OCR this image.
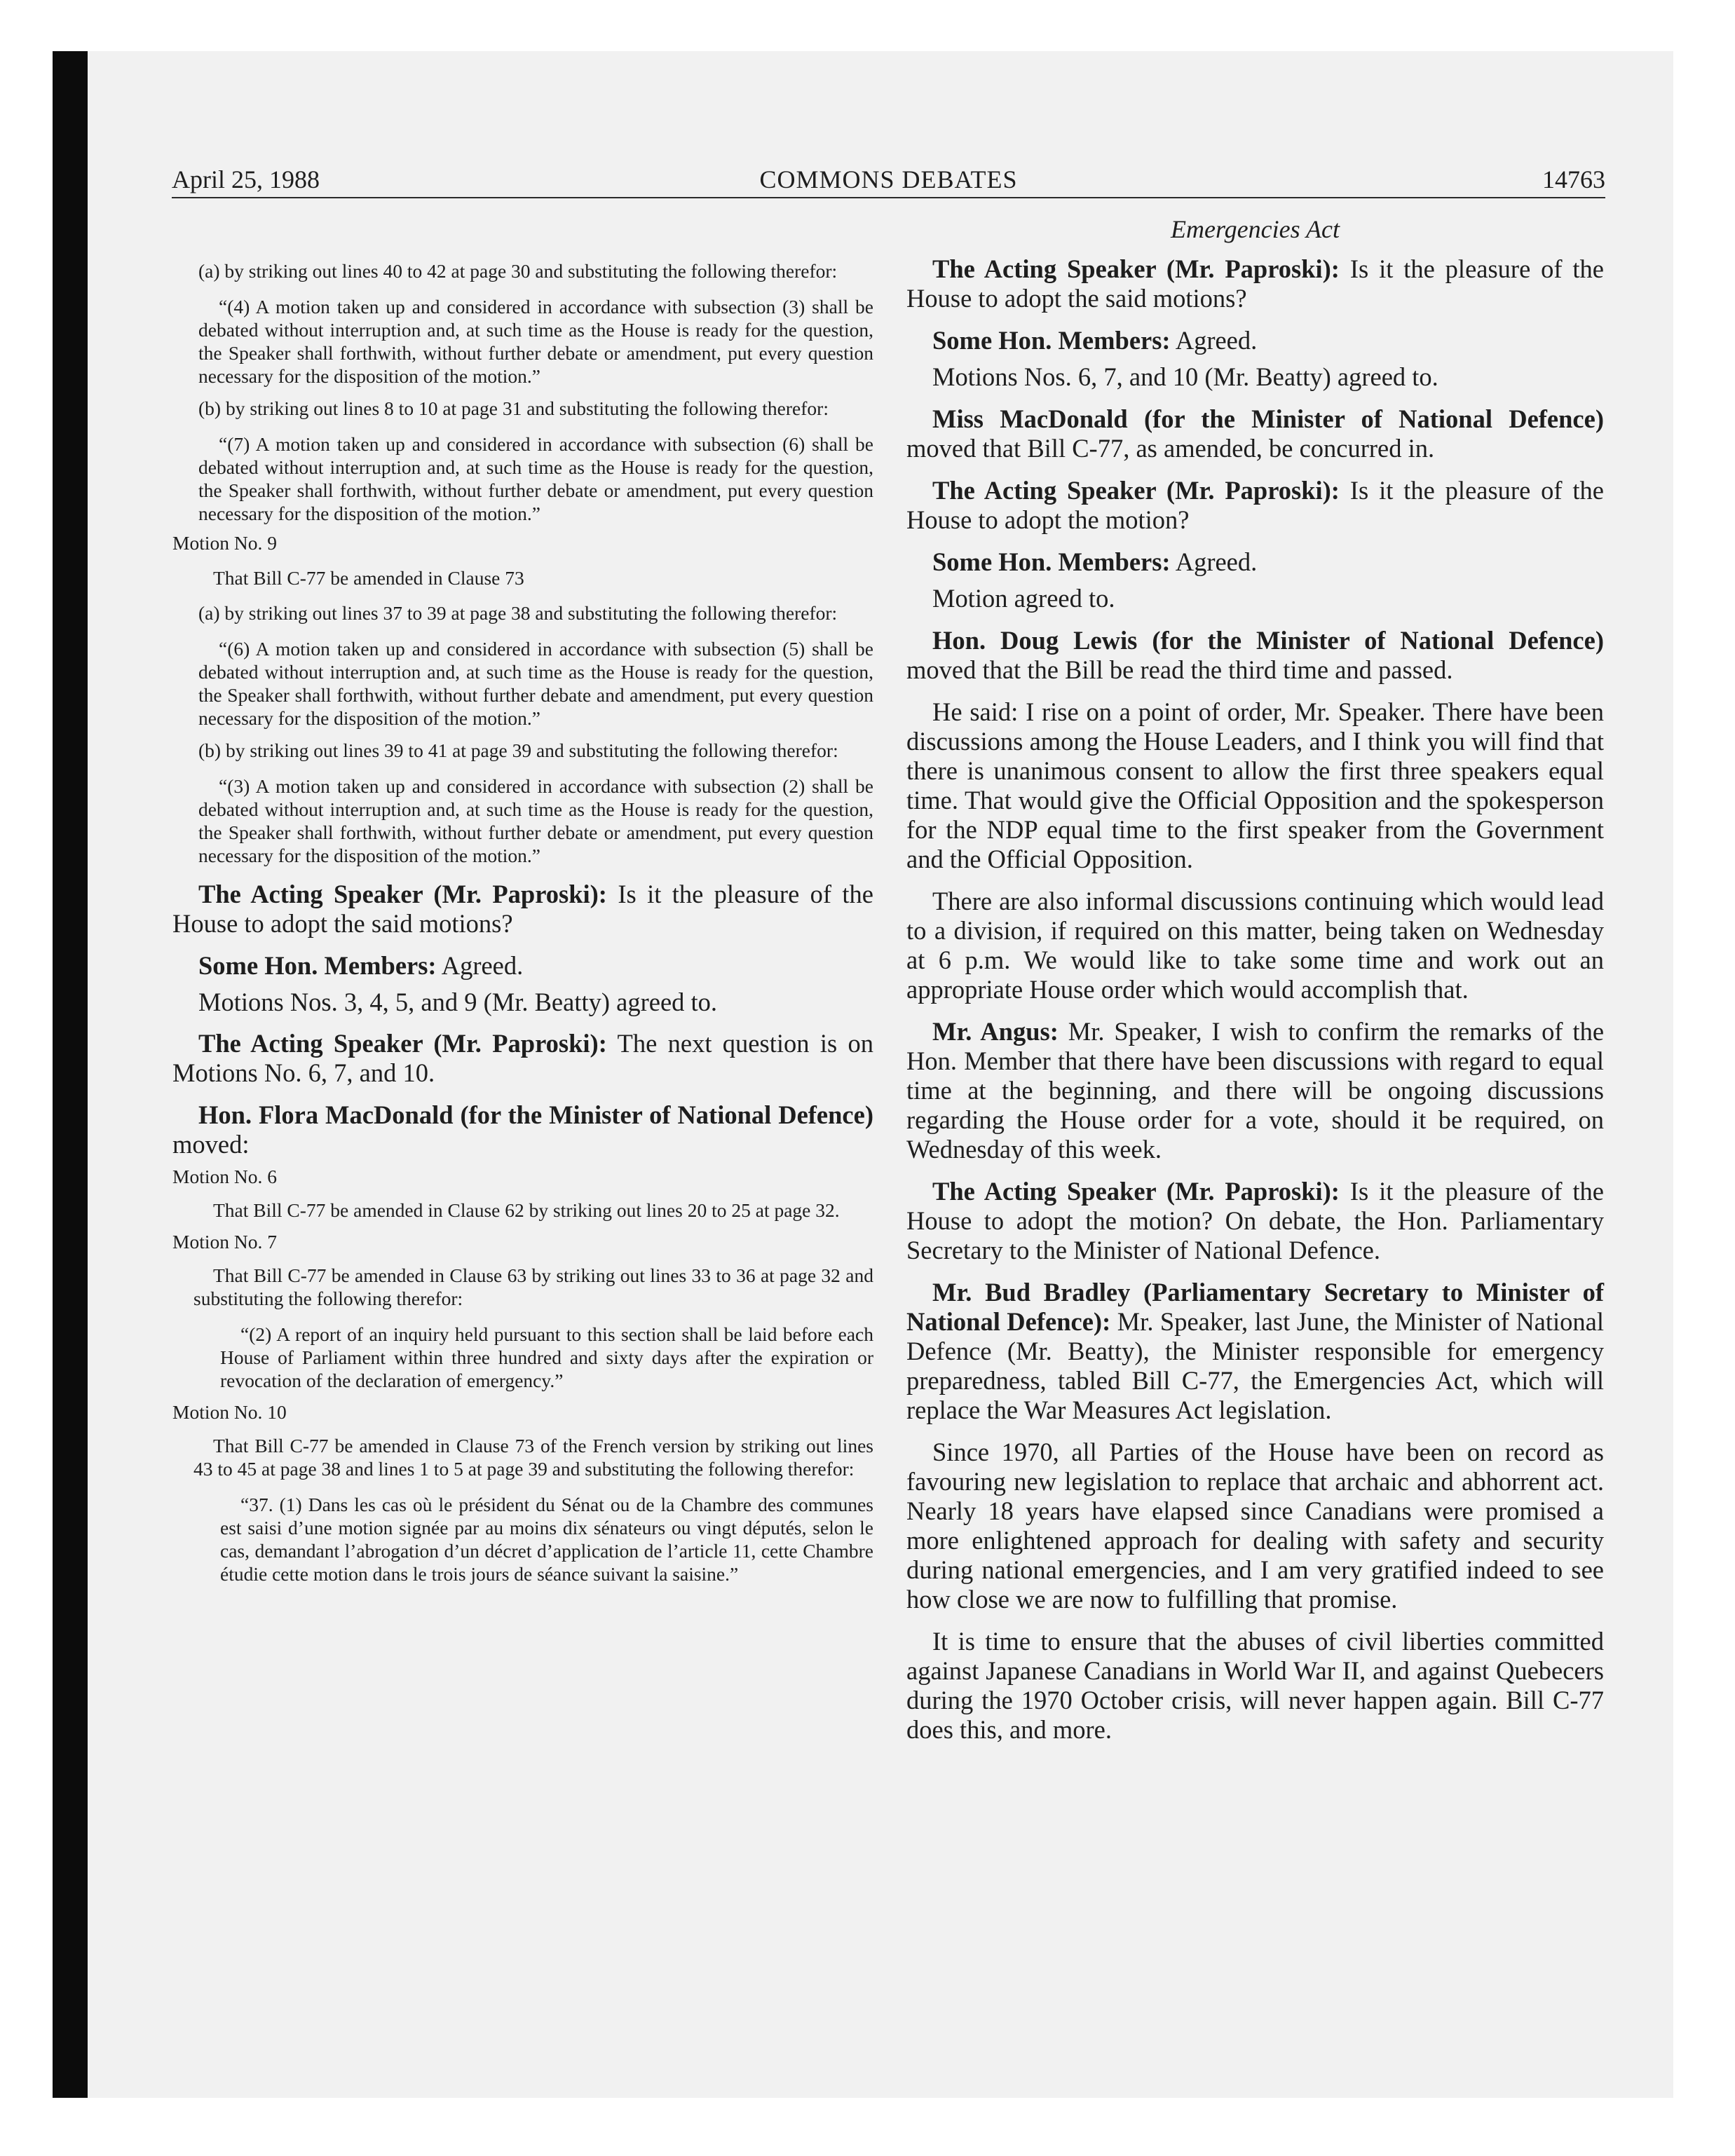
April 25, 1988	COMMONS DEBATES	14763

(a) by striking out lines 40 to 42 at page 30 and substituting the following therefor:

“(4) A motion taken up and considered in accordance with subsection (3) shall be debated without interruption and, at such time as the House is ready for the question, the Speaker shall forthwith, without further debate or amendment, put every question necessary for the disposition of the motion.”

(b) by striking out lines 8 to 10 at page 31 and substituting the following therefor:

“(7) A motion taken up and considered in accordance with subsection (6) shall be debated without interruption and, at such time as the House is ready for the question, the Speaker shall forthwith, without further debate or amendment, put every question necessary for the disposition of the motion.”

Motion No. 9

That Bill C-77 be amended in Clause 73

(a) by striking out lines 37 to 39 at page 38 and substituting the following therefor:

“(6) A motion taken up and considered in accordance with subsection (5) shall be debated without interruption and, at such time as the House is ready for the question, the Speaker shall forthwith, without further debate and amendment, put every question necessary for the disposition of the motion.”

(b) by striking out lines 39 to 41 at page 39 and substituting the following therefor:

“(3) A motion taken up and considered in accordance with subsection (2) shall be debated without interruption and, at such time as the House is ready for the question, the Speaker shall forthwith, without further debate or amendment, put every question necessary for the disposition of the motion.”

The Acting Speaker (Mr. Paproski): Is it the pleasure of the House to adopt the said motions?

Some Hon. Members: Agreed.

Motions Nos. 3, 4, 5, and 9 (Mr. Beatty) agreed to.

The Acting Speaker (Mr. Paproski): The next question is on Motions No. 6, 7, and 10.

Hon. Flora MacDonald (for the Minister of National Defence) moved:

Motion No. 6

That Bill C-77 be amended in Clause 62 by striking out lines 20 to 25 at page 32.

Motion No. 7

That Bill C-77 be amended in Clause 63 by striking out lines 33 to 36 at page 32 and substituting the following therefor:

“(2) A report of an inquiry held pursuant to this section shall be laid before each House of Parliament within three hundred and sixty days after the expiration or revocation of the declaration of emergency.”

Motion No. 10

That Bill C-77 be amended in Clause 73 of the French version by striking out lines 43 to 45 at page 38 and lines 1 to 5 at page 39 and substituting the following therefor:

“37. (1) Dans les cas où le président du Sénat ou de la Chambre des communes est saisi d’une motion signée par au moins dix sénateurs ou vingt députés, selon le cas, demandant l’abrogation d’un décret d’application de l’article 11, cette Chambre étudie cette motion dans le trois jours de séance suivant la saisine.”

Emergencies Act

The Acting Speaker (Mr. Paproski): Is it the pleasure of the House to adopt the said motions?

Some Hon. Members: Agreed.

Motions Nos. 6, 7, and 10 (Mr. Beatty) agreed to.

Miss MacDonald (for the Minister of National Defence) moved that Bill C-77, as amended, be concurred in.

The Acting Speaker (Mr. Paproski): Is it the pleasure of the House to adopt the motion?

Some Hon. Members: Agreed.

Motion agreed to.

Hon. Doug Lewis (for the Minister of National Defence) moved that the Bill be read the third time and passed.

He said: I rise on a point of order, Mr. Speaker. There have been discussions among the House Leaders, and I think you will find that there is unanimous consent to allow the first three speakers equal time. That would give the Official Opposition and the spokesperson for the NDP equal time to the first speaker from the Government and the Official Opposition.

There are also informal discussions continuing which would lead to a division, if required on this matter, being taken on Wednesday at 6 p.m. We would like to take some time and work out an appropriate House order which would accomplish that.

Mr. Angus: Mr. Speaker, I wish to confirm the remarks of the Hon. Member that there have been discussions with regard to equal time at the beginning, and there will be ongoing discussions regarding the House order for a vote, should it be required, on Wednesday of this week.

The Acting Speaker (Mr. Paproski): Is it the pleasure of the House to adopt the motion? On debate, the Hon. Parliamentary Secretary to the Minister of National Defence.

Mr. Bud Bradley (Parliamentary Secretary to Minister of National Defence): Mr. Speaker, last June, the Minister of National Defence (Mr. Beatty), the Minister responsible for emergency preparedness, tabled Bill C-77, the Emergencies Act, which will replace the War Measures Act legislation.

Since 1970, all Parties of the House have been on record as favouring new legislation to replace that archaic and abhorrent act. Nearly 18 years have elapsed since Canadians were promised a more enlightened approach for dealing with safety and security during national emergencies, and I am very gratified indeed to see how close we are now to fulfilling that promise.

It is time to ensure that the abuses of civil liberties committed against Japanese Canadians in World War II, and against Quebecers during the 1970 October crisis, will never happen again. Bill C-77 does this, and more.
